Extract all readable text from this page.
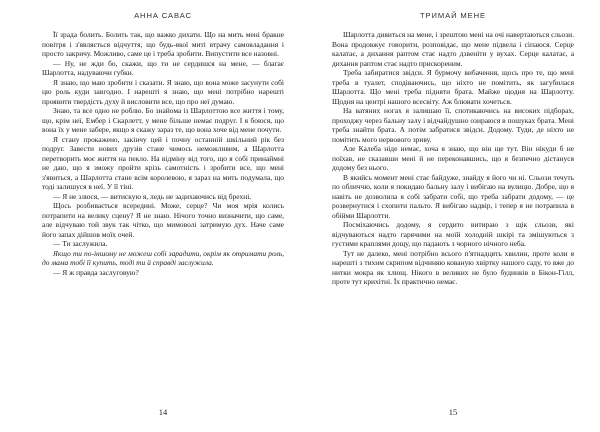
АННА САВАС

Її зрада болить. Болить так, що важко дихати. Що на мить мені бракне повітря і з'являється відчуття, що будь-якої миті втрачу самовладання і просто закричу. Можливо, саме це і треба зробити. Випустити все назовні.

— Ну, не жди бо, скажи, що ти не сердишся на мене, — благає Шарлотта, надуваючи губки.

Я знаю, що маю зробити і сказати. Я знаю, що вона може засунути собі цю роль куди завгодно. І нарешті я знаю, що мені потрібно нарешті проявити твердість духу й висловити все, що про неї думаю.

Знаю, та все одно не роблю. Бо знайома із Шарлоттою все життя і тому, що, крім неї, Ембер і Скарлетт, у мене більше немає подруг. І я боюся, що вона їх у мене забере, якщо я скажу зараз те, що вона хоче від мене почути.

Я стану прокажено, закінчу цей і почну останній шкільний рік без подруг. Завести нових друзів стане чимось неможливим, а Шарлотта перетворить моє життя на пекло. На відміну від того, що я собі принаймні не даю, що я зможу пройти крізь самотність і зробити все, що мені з'явиться, а Шарлотта стане всім королевою, я зараз на мить подумала, що тоді залишуся в неї. У її тіні.

— Я не злюся, — витискую я, ледь не задихаючись від брехні.

Щось розбивається всередині. Може, серце? Чи моя мрія колись потрапити на велику сцену? Я не знаю. Нічого точно визначити, що саме, але відчуваю той звук так чітко, що мимоволі затримую дух. Наче саме його запах дійшов моїх очей.

— Ти заслужила.

Якщо ти по-іншому не можеш собі зарадити, окрім як отримати роль, до мама тобі її купить, тоді ти й справді заслужила.

— Я ж правда заслуговую?

14
ТРИМАЙ МЕНЕ

Шарлотта дивиться на мене, і зрештою мені на очі навертаються сльози. Вона продовжує говорити, розповідає, що мене підвела і сіпаюся. Серце калатає, а дихання раптом стає надто дзвеніти у вухах. Серце калатає, а дихання раптом стає надто прискореним.

Треба забиратися звідси. Я бурмочу вибачення, щось про те, що мені треба в туалет, сподіваючись, що ніхто не помітить, як загубилася Шарлотта. Що мені треба підняти брата. Майже щодня на Шарлотту. Щодня на центрі нашого всесвіту. Аж блювати хочеться.

На ватяних ногах я залишаю її, спотикаючись на високих підборах, проходжу через бальну залу і відчайдушно озираюся в пошуках брата. Мені треба знайти брата. А потім забратися звідси. Додому. Туди, де ніхто не помітить мого нервового зриву.

Але Калеба ніде немає, хоча я знаю, що він ще тут. Він нікуди б не поїхав, не сказавши мені й не переконавшись, що я безпечно дістануся додому без нього.

В якийсь момент мені стає байдуже, знайду я його чи ні. Сльози течуть по обличчю, коли я покидаю бальну залу і вибігаю на вулицю. Добре, що я навіть не дозволила я собі забрати собі, що треба забрати додому, — це розвернутися і схопити пальто. Я вибігаю надвір, і тепер я не потрапила в обійми Шарлотти.

Посміхаючись додому, я сердито витираю з щік сльози, які відчуваються надто гарячими на моїй холодній шкірі та змішуються з густими краплями дощу, що падають з чорного нічного неба.

Тут не далеко, мені потрібно всього п'ятнадцять хвилин, проте коли я нарешті з тихим скрипом відчиняю кованую хвіртку нашого саду, то вже до нитки мокра як хлющ. Нікого в великих не було будинків в Бікон-Гілл, проте тут крихітні. Їх практично немає.

15
